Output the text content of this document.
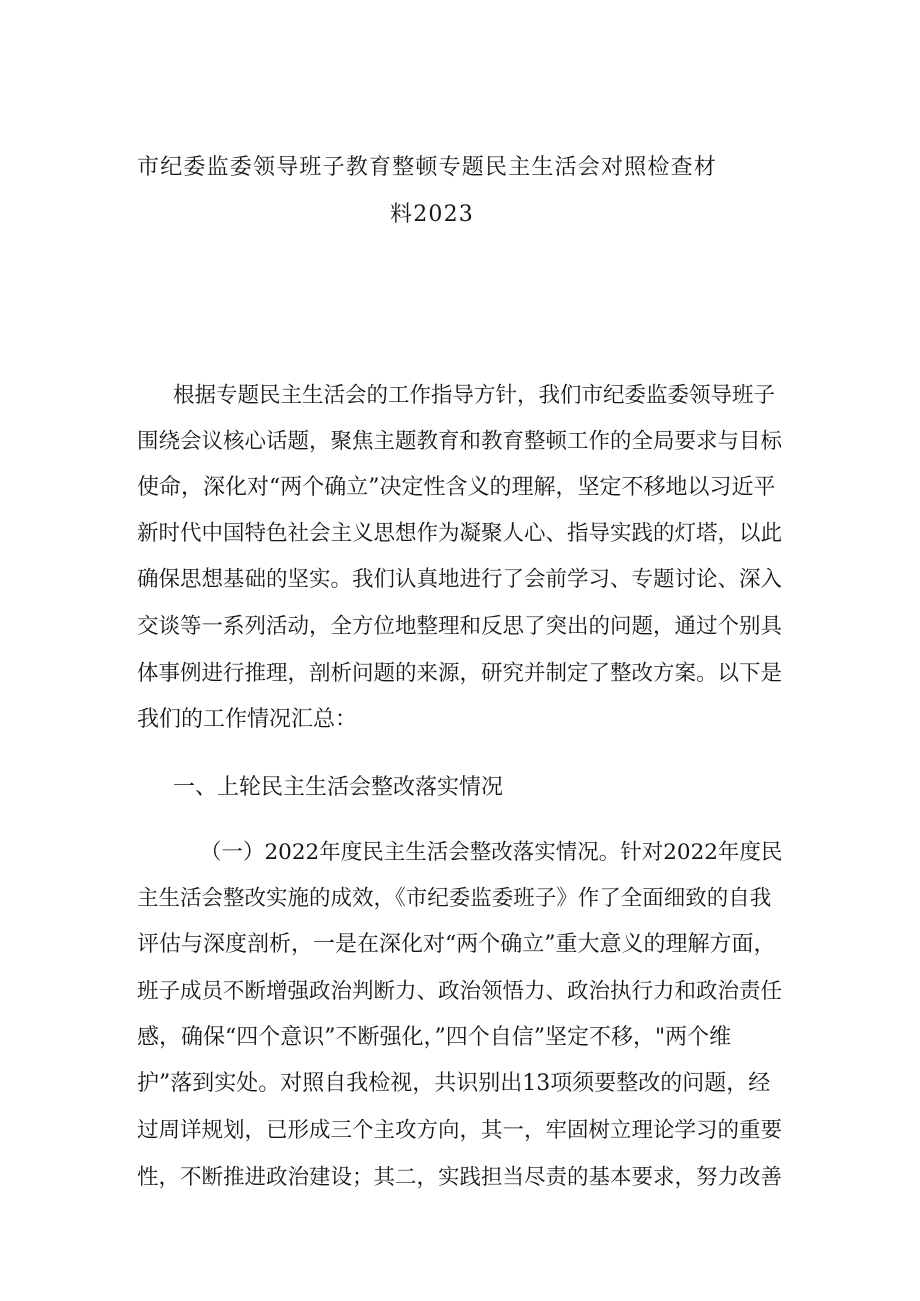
市纪委监委领导班子教育整顿专题民主生活会对照检查材
料2023
根据专题民主生活会的工作指导方针，我们市纪委监委领导班子
围绕会议核心话题，聚焦主题教育和教育整顿工作的全局要求与目标
使命，深化对“两个确立”决定性含义的理解，坚定不移地以习近平
新时代中国特色社会主义思想作为凝聚人心、指导实践的灯塔，以此
确保思想基础的坚实。我们认真地进行了会前学习、专题讨论、深入
交谈等一系列活动，全方位地整理和反思了突出的问题，通过个别具
体事例进行推理，剖析问题的来源，研究并制定了整改方案。以下是
我们的工作情况汇总：
一、上轮民主生活会整改落实情况
（一）2022年度民主生活会整改落实情况。针对2022年度民
主生活会整改实施的成效，《市纪委监委班子》作了全面细致的自我
评估与深度剖析，一是在深化对“两个确立”重大意义的理解方面，
班子成员不断增强政治判断力、政治领悟力、政治执行力和政治责任
感，确保“四个意识”不断强化，”四个自信”坚定不移，"两个维
护”落到实处。对照自我检视，共识别出13项须要整改的问题，经
过周详规划，已形成三个主攻方向，其一，牢固树立理论学习的重要
性，不断推进政治建设；其二，实践担当尽责的基本要求，努力改善
